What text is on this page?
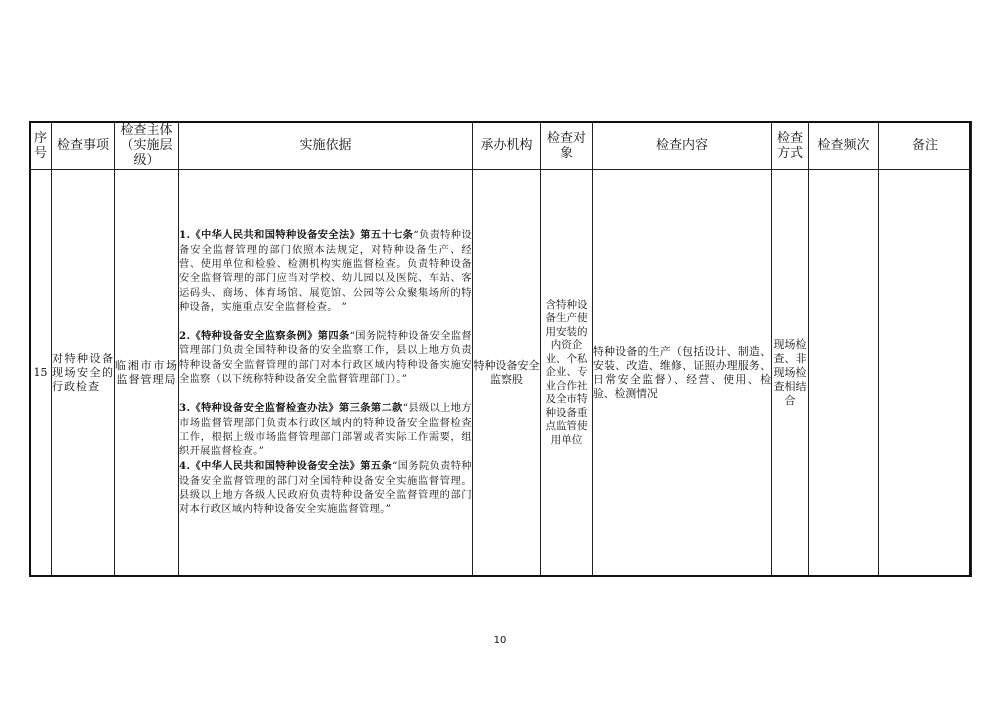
序号	检查事项	检查主体（实施层级）	实施依据	承办机构	检查对象	检查内容	检查方式	检查频次	备注
15	对特种设备现场安全的行政检查	临湘市市场监督管理局	1.《中华人民共和国特种设备安全法》第五十七条“负责特种设备安全监督管理的部门依照本法规定，对特种设备生产、经营、使用单位和检验、检测机构实施监督检查。负责特种设备安全监督管理的部门应当对学校、幼儿园以及医院、车站、客运码头、商场、体育场馆、展览馆、公园等公众聚集场所的特种设备，实施重点安全监督检查。 ”

2.《特种设备安全监察条例》第四条“国务院特种设备安全监督管理部门负责全国特种设备的安全监察工作，县以上地方负责特种设备安全监督管理的部门对本行政区域内特种设备实施安全监察（以下统称特种设备安全监督管理部门）。”

3.《特种设备安全监督检查办法》第三条第二款“县级以上地方市场监督管理部门负责本行政区域内的特种设备安全监督检查工作，根据上级市场监督管理部门部署或者实际工作需要，组织开展监督检查。”

4.《中华人民共和国特种设备安全法》第五条“国务院负责特种设备安全监督管理的部门对全国特种设备安全实施监督管理。县级以上地方各级人民政府负责特种设备安全监督管理的部门对本行政区域内特种设备安全实施监督管理。”	特种设备安全监察股	含特种设备生产使用安装的内资企业、个私企业、专业合作社及全市特种设备重点监管使用单位	特种设备的生产（包括设计、制造、安装、改造、维修、证照办理服务、日常安全监督）、经营、使用、检验、检测情况	现场检查、非现场检查相结合		
10
